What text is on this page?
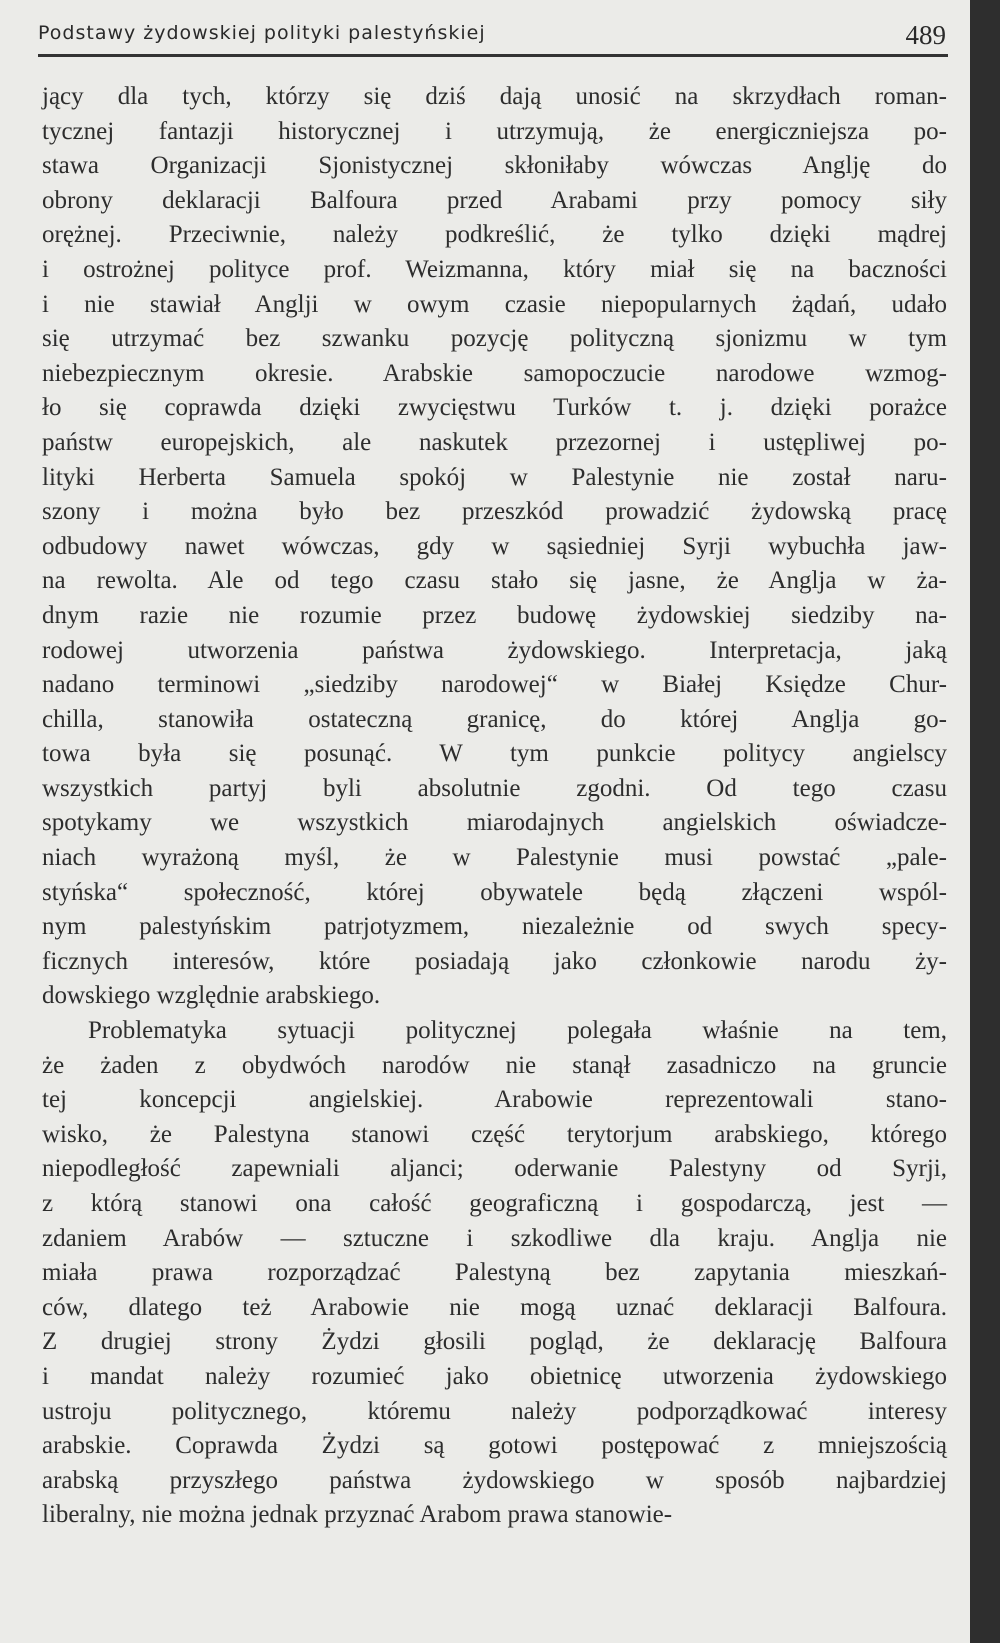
Podstawy żydowskiej polityki palestyńskiej	489
jący dla tych, którzy się dziś dają unosić na skrzydłach roman-
tycznej fantazji historycznej i utrzymują, że energiczniejsza po-
stawa Organizacji Sjonistycznej skłoniłaby wówczas Anglję do
obrony deklaracji Balfoura przed Arabami przy pomocy siły
orężnej. Przeciwnie, należy podkreślić, że tylko dzięki mądrej
i ostrożnej polityce prof. Weizmanna, który miał się na baczności
i nie stawiał Anglji w owym czasie niepopularnych żądań, udało
się utrzymać bez szwanku pozycję polityczną sjonizmu w tym
niebezpiecznym okresie. Arabskie samopoczucie narodowe wzmog-
ło się coprawda dzięki zwycięstwu Turków t. j. dzięki porażce
państw europejskich, ale naskutek przezornej i ustępliwej po-
lityki Herberta Samuela spokój w Palestynie nie został naru-
szony i można było bez przeszkód prowadzić żydowską pracę
odbudowy nawet wówczas, gdy w sąsiedniej Syrji wybuchła jaw-
na rewolta. Ale od tego czasu stało się jasne, że Anglja w ża-
dnym razie nie rozumie przez budowę żydowskiej siedziby na-
rodowej utworzenia państwa żydowskiego. Interpretacja, jaką
nadano terminowi „siedziby narodowej“ w Białej Księdze Chur-
chilla, stanowiła ostateczną granicę, do której Anglja go-
towa była się posunąć. W tym punkcie politycy angielscy
wszystkich partyj byli absolutnie zgodni. Od tego czasu
spotykamy we wszystkich miarodajnych angielskich oświadcze-
niach wyrażoną myśl, że w Palestynie musi powstać „pale-
styńska“ społeczność, której obywatele będą złączeni wspól-
nym palestyńskim patrjotyzmem, niezależnie od swych specy-
ficznych interesów, które posiadają jako członkowie narodu ży-
dowskiego względnie arabskiego.
Problematyka sytuacji politycznej polegała właśnie na tem,
że żaden z obydwóch narodów nie stanął zasadniczo na gruncie
tej koncepcji angielskiej. Arabowie reprezentowali stano-
wisko, że Palestyna stanowi część terytorjum arabskiego, którego
niepodległość zapewniali aljanci; oderwanie Palestyny od Syrji,
z którą stanowi ona całość geograficzną i gospodarczą, jest —
zdaniem Arabów — sztuczne i szkodliwe dla kraju. Anglja nie
miała prawa rozporządzać Palestyną bez zapytania mieszkań-
ców, dlatego też Arabowie nie mogą uznać deklaracji Balfoura.
Z drugiej strony Żydzi głosili pogląd, że deklarację Balfoura
i mandat należy rozumieć jako obietnicę utworzenia żydowskiego
ustroju politycznego, któremu należy podporządkować interesy
arabskie. Coprawda Żydzi są gotowi postępować z mniejszością
arabską przyszłego państwa żydowskiego w sposób najbardziej
liberalny, nie można jednak przyznać Arabom prawa stanowie-
